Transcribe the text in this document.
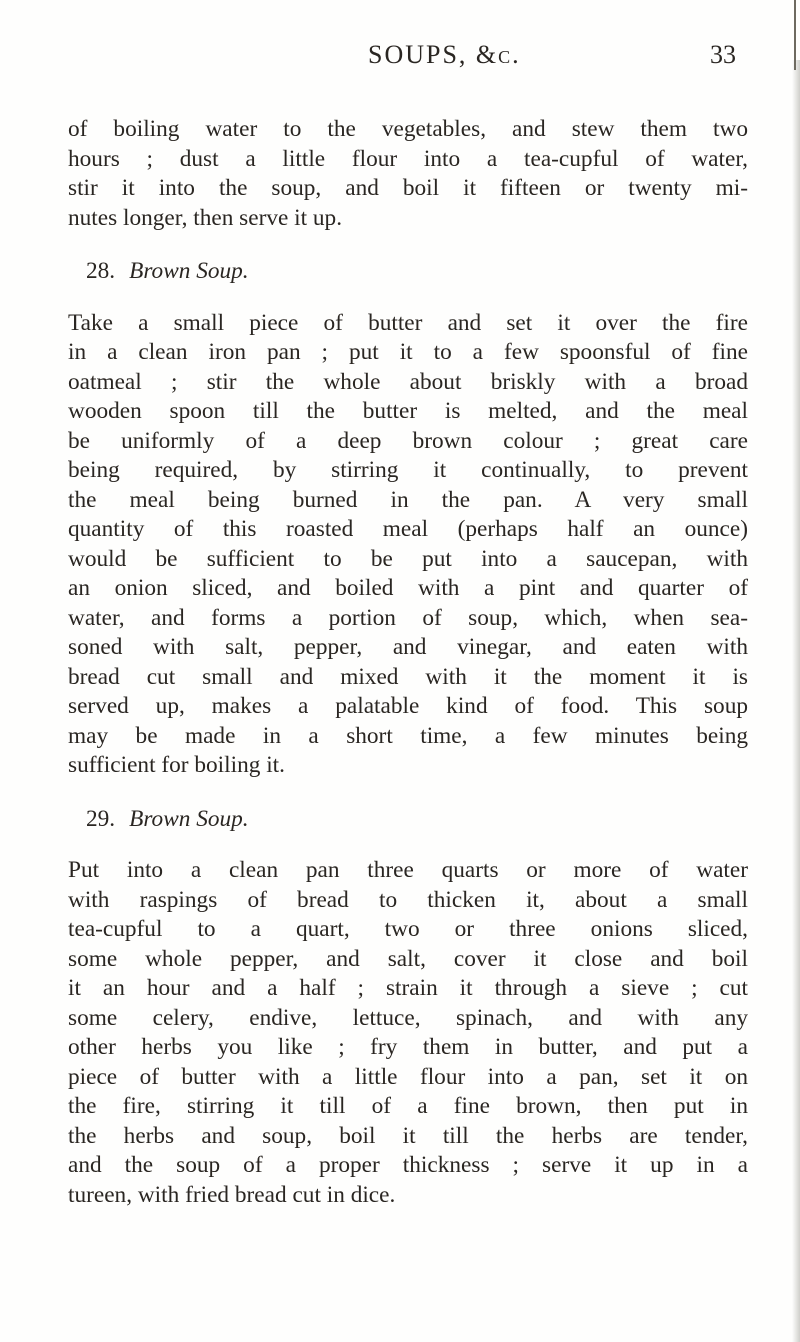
SOUPS, &c.	33

of boiling water to the vegetables, and stew them two
hours ; dust a little flour into a tea-cupful of water,
stir it into the soup, and boil it fifteen or twenty mi-
nutes longer, then serve it up.

28. Brown Soup.

Take a small piece of butter and set it over the fire
in a clean iron pan ; put it to a few spoonsful of fine
oatmeal ; stir the whole about briskly with a broad
wooden spoon till the butter is melted, and the meal
be uniformly of a deep brown colour ; great care
being required, by stirring it continually, to prevent
the meal being burned in the pan. A very small
quantity of this roasted meal (perhaps half an ounce)
would be sufficient to be put into a saucepan, with
an onion sliced, and boiled with a pint and quarter of
water, and forms a portion of soup, which, when sea-
soned with salt, pepper, and vinegar, and eaten with
bread cut small and mixed with it the moment it is
served up, makes a palatable kind of food. This soup
may be made in a short time, a few minutes being
sufficient for boiling it.

29. Brown Soup.

Put into a clean pan three quarts or more of water
with raspings of bread to thicken it, about a small
tea-cupful to a quart, two or three onions sliced,
some whole pepper, and salt, cover it close and boil
it an hour and a half ; strain it through a sieve ; cut
some celery, endive, lettuce, spinach, and with any
other herbs you like ; fry them in butter, and put a
piece of butter with a little flour into a pan, set it on
the fire, stirring it till of a fine brown, then put in
the herbs and soup, boil it till the herbs are tender,
and the soup of a proper thickness ; serve it up in a
tureen, with fried bread cut in dice.
